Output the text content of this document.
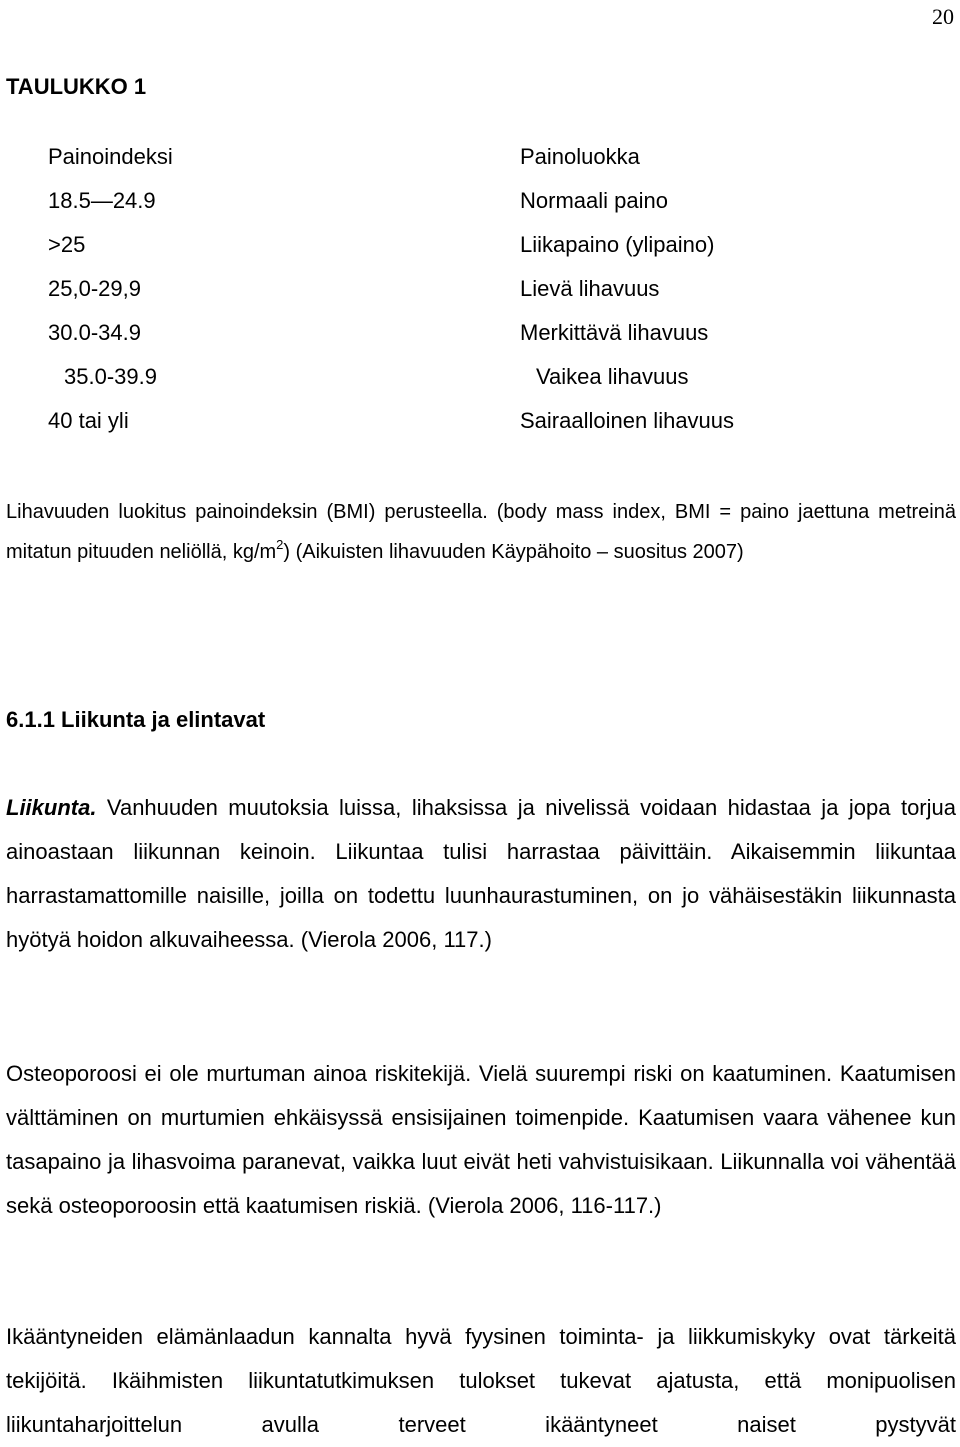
20
TAULUKKO 1
Painoindeksi	Painoluokka
18.5—24.9	Normaali paino
>25	Liikapaino (ylipaino)
25,0-29,9	Lievä lihavuus
30.0-34.9	Merkittävä lihavuus
35.0-39.9	Vaikea lihavuus
40 tai yli	Sairaalloinen lihavuus
Lihavuuden luokitus painoindeksin (BMI) perusteella. (body mass index, BMI = paino jaettuna metreinä mitatun pituuden neliöllä, $kg/m^2$) (Aikuisten lihavuuden Käypähoito – suositus 2007)
6.1.1 Liikunta ja elintavat
Liikunta. Vanhuuden muutoksia luissa, lihaksissa ja nivelissä voidaan hidastaa ja jopa torjua ainoastaan liikunnan keinoin. Liikuntaa tulisi harrastaa päivittäin. Aikaisemmin liikuntaa harrastamattomille naisille, joilla on todettu luunhaurastuminen, on jo vähäisestäkin liikunnasta hyötyä hoidon alkuvaiheessa. (Vierola 2006, 117.)
Osteoporoosi ei ole murtuman ainoa riskitekijä. Vielä suurempi riski on kaatuminen. Kaatumisen välttäminen on murtumien ehkäisyssä ensisijainen toimenpide. Kaatumisen vaara vähenee kun tasapaino ja lihasvoima paranevat, vaikka luut eivät heti vahvistuisikaan. Liikunnalla voi vähentää sekä osteoporoosin että kaatumisen riskiä. (Vierola 2006, 116-117.)
Ikääntyneiden elämänlaadun kannalta hyvä fyysinen toiminta- ja liikkumiskyky ovat tärkeitä tekijöitä. Ikäihmisten liikuntatutkimuksen tulokset tukevat ajatusta, että monipuolisen liikuntaharjoittelun avulla terveet ikääntyneet naiset pystyvät
